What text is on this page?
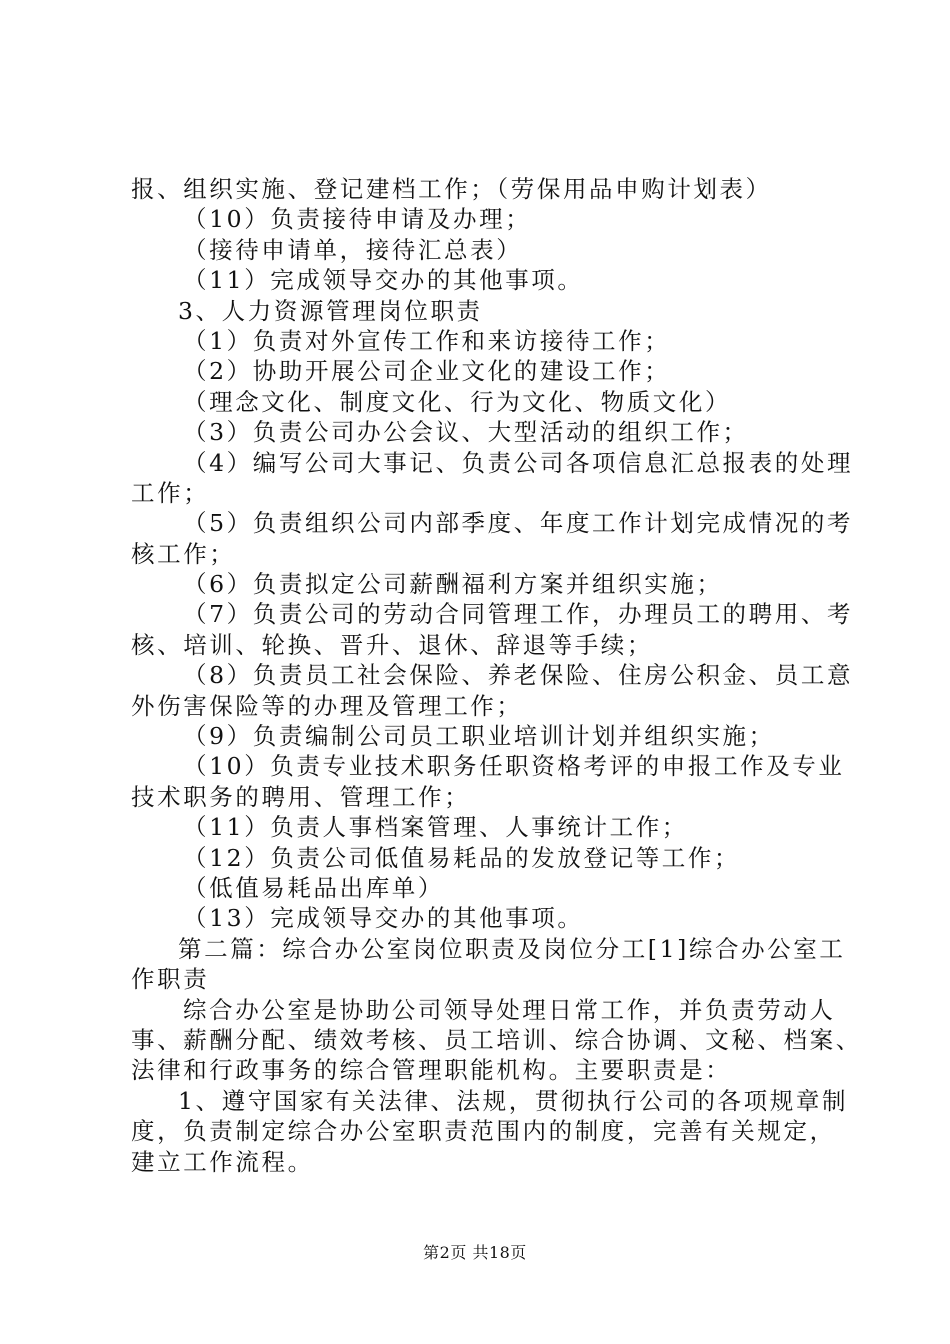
报、组织实施、登记建档工作；（劳保用品申购计划表）
（10）负责接待申请及办理；
（接待申请单，接待汇总表）
（11）完成领导交办的其他事项。
3、人力资源管理岗位职责
（1）负责对外宣传工作和来访接待工作；
（2）协助开展公司企业文化的建设工作；
（理念文化、制度文化、行为文化、物质文化）
（3）负责公司办公会议、大型活动的组织工作；
（4）编写公司大事记、负责公司各项信息汇总报表的处理
工作；
（5）负责组织公司内部季度、年度工作计划完成情况的考
核工作；
（6）负责拟定公司薪酬福利方案并组织实施；
（7）负责公司的劳动合同管理工作，办理员工的聘用、考
核、培训、轮换、晋升、退休、辞退等手续；
（8）负责员工社会保险、养老保险、住房公积金、员工意
外伤害保险等的办理及管理工作；
（9）负责编制公司员工职业培训计划并组织实施；
（10）负责专业技术职务任职资格考评的申报工作及专业
技术职务的聘用、管理工作；
（11）负责人事档案管理、人事统计工作；
（12）负责公司低值易耗品的发放登记等工作；
（低值易耗品出库单）
（13）完成领导交办的其他事项。
第二篇：综合办公室岗位职责及岗位分工[1]综合办公室工
作职责
综合办公室是协助公司领导处理日常工作，并负责劳动人
事、薪酬分配、绩效考核、员工培训、综合协调、文秘、档案、
法律和行政事务的综合管理职能机构。主要职责是：
1、遵守国家有关法律、法规，贯彻执行公司的各项规章制
度，负责制定综合办公室职责范围内的制度，完善有关规定，
建立工作流程。
第2页 共18页
